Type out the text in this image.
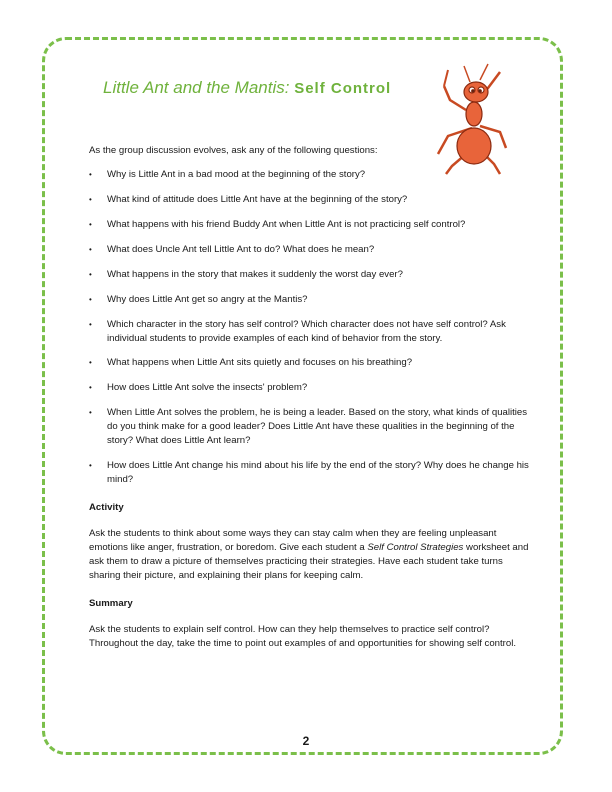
Little Ant and the Mantis: Self Control

As the group discussion evolves, ask any of the following questions:

• Why is Little Ant in a bad mood at the beginning of the story?
• What kind of attitude does Little Ant have at the beginning of the story?
• What happens with his friend Buddy Ant when Little Ant is not practicing self control?
• What does Uncle Ant tell Little Ant to do? What does he mean?
• What happens in the story that makes it suddenly the worst day ever?
• Why does Little Ant get so angry at the Mantis?
• Which character in the story has self control? Which character does not have self control? Ask individual students to provide examples of each kind of behavior from the story.
• What happens when Little Ant sits quietly and focuses on his breathing?
• How does Little Ant solve the insects' problem?
• When Little Ant solves the problem, he is being a leader. Based on the story, what kinds of qualities do you think make for a good leader? Does Little Ant have these qualities in the beginning of the story? What does Little Ant learn?
• How does Little Ant change his mind about his life by the end of the story? Why does he change his mind?

Activity

Ask the students to think about some ways they can stay calm when they are feeling unpleasant emotions like anger, frustration, or boredom. Give each student a Self Control Strategies worksheet and ask them to draw a picture of themselves practicing their strategies. Have each student take turns sharing their picture, and explaining their plans for keeping calm.

Summary

Ask the students to explain self control. How can they help themselves to practice self control? Throughout the day, take the time to point out examples of and opportunities for showing self control.

2
